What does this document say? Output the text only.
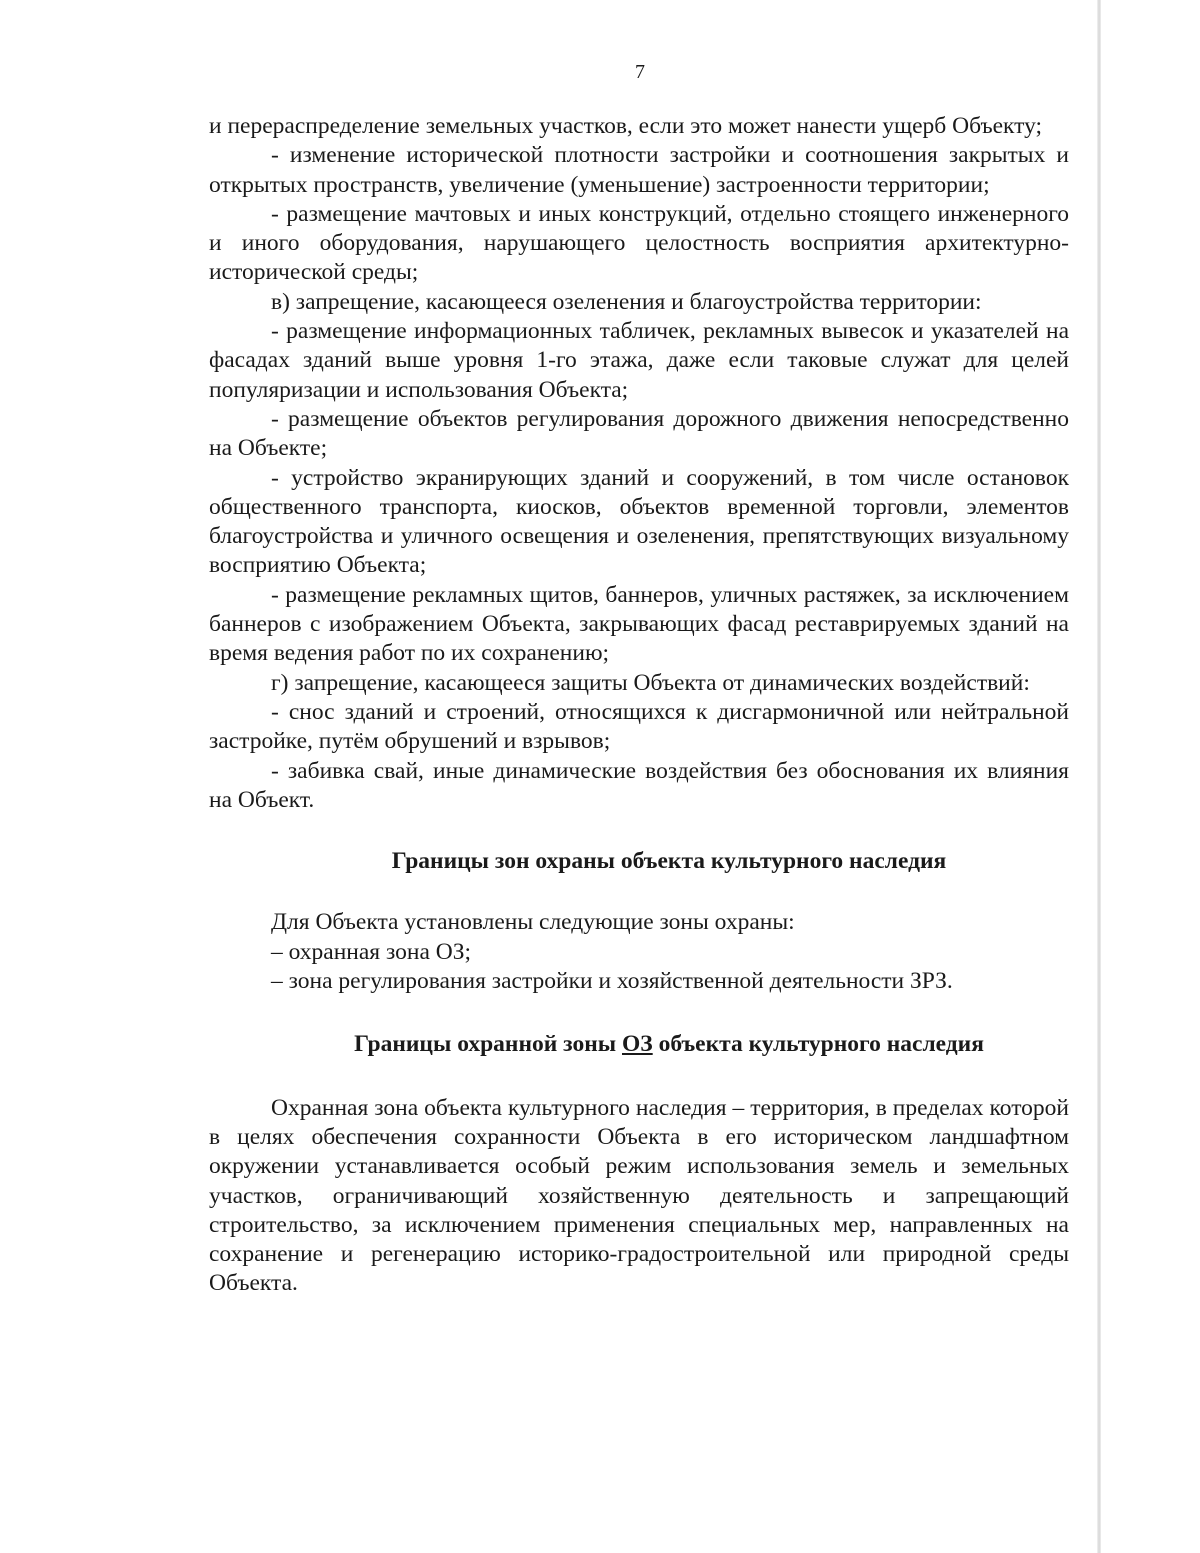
7

и перераспределение земельных участков, если это может нанести ущерб Объекту;

- изменение исторической плотности застройки и соотношения закрытых и открытых пространств, увеличение (уменьшение) застроенности территории;

- размещение мачтовых и иных конструкций, отдельно стоящего инженерного и иного оборудования, нарушающего целостность восприятия архитектурно-исторической среды;

в) запрещение, касающееся озеленения и благоустройства территории:

- размещение информационных табличек, рекламных вывесок и указателей на фасадах зданий выше уровня 1-го этажа, даже если таковые служат для целей популяризации и использования Объекта;

- размещение объектов регулирования дорожного движения непосредственно на Объекте;

- устройство экранирующих зданий и сооружений, в том числе остановок общественного транспорта, киосков, объектов временной торговли, элементов благоустройства и уличного освещения и озеленения, препятствующих визуальному восприятию Объекта;

- размещение рекламных щитов, баннеров, уличных растяжек, за исключением баннеров с изображением Объекта, закрывающих фасад реставрируемых зданий на время ведения работ по их сохранению;

г) запрещение, касающееся защиты Объекта от динамических воздействий:

- снос зданий и строений, относящихся к дисгармоничной или нейтральной застройке, путём обрушений и взрывов;

- забивка свай, иные динамические воздействия без обоснования их влияния на Объект.

Границы зон охраны объекта культурного наследия

Для Объекта установлены следующие зоны охраны:

– охранная зона ОЗ;

– зона регулирования застройки и хозяйственной деятельности ЗРЗ.

Границы охранной зоны ОЗ объекта культурного наследия

Охранная зона объекта культурного наследия – территория, в пределах которой в целях обеспечения сохранности Объекта в его историческом ландшафтном окружении устанавливается особый режим использования земель и земельных участков, ограничивающий хозяйственную деятельность и запрещающий строительство, за исключением применения специальных мер, направленных на сохранение и регенерацию историко-градостроительной или природной среды Объекта.
